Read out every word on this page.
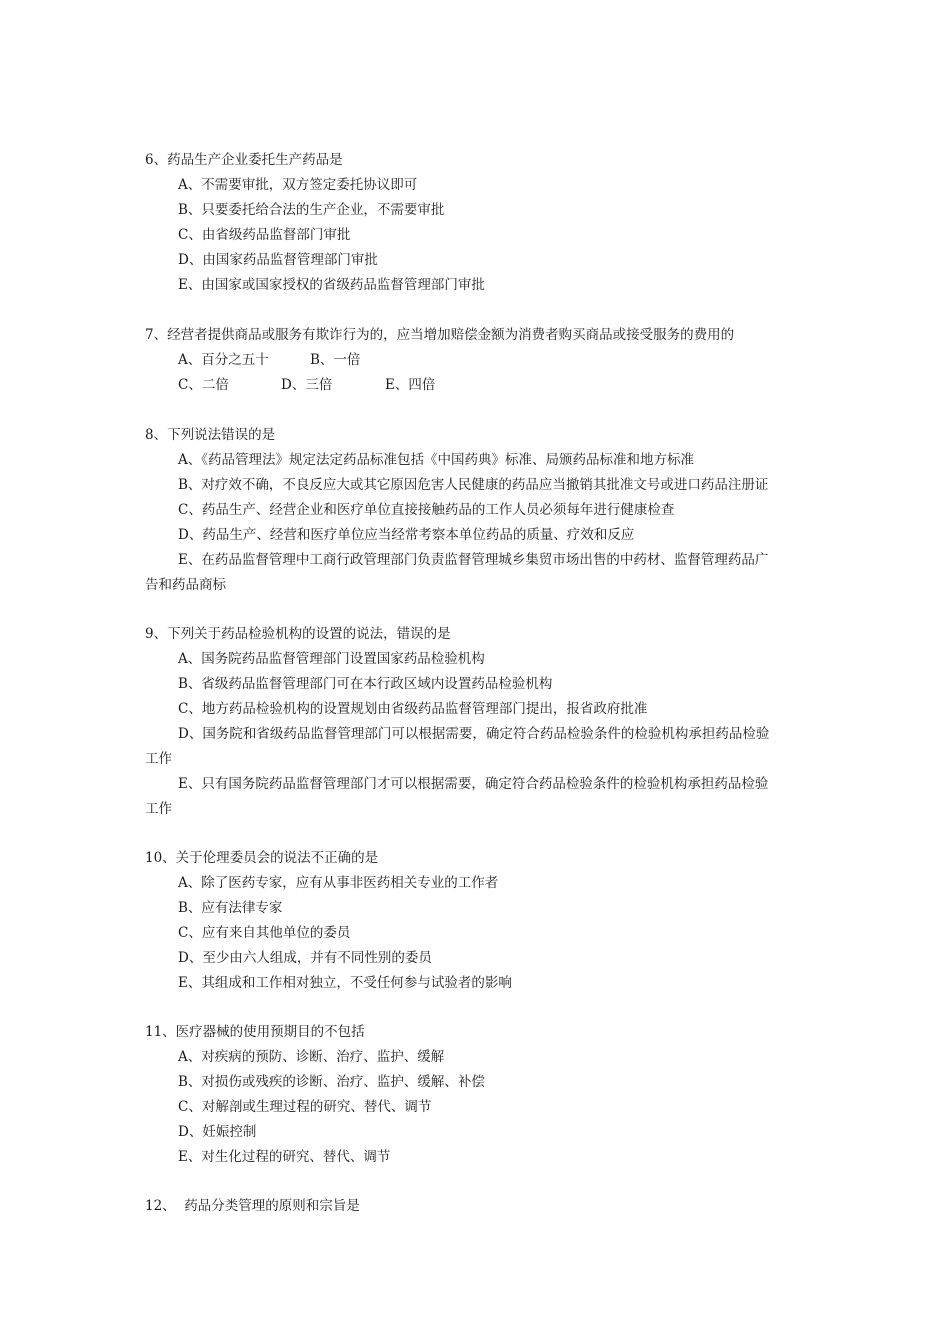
6、药品生产企业委托生产药品是
A、不需要审批，双方签定委托协议即可
B、只要委托给合法的生产企业，不需要审批
C、由省级药品监督部门审批
D、由国家药品监督管理部门审批
E、由国家或国家授权的省级药品监督管理部门审批
7、经营者提供商品或服务有欺诈行为的，应当增加赔偿金额为消费者购买商品或接受服务的费用的
A、百分之五十	B、一倍
C、二倍	D、三倍	E、四倍
8、下列说法错误的是
A、《药品管理法》规定法定药品标准包括《中国药典》标准、局颁药品标准和地方标准
B、对疗效不确，不良反应大或其它原因危害人民健康的药品应当撤销其批准文号或进口药品注册证
C、药品生产、经营企业和医疗单位直接接触药品的工作人员必须每年进行健康检查
D、药品生产、经营和医疗单位应当经常考察本单位药品的质量、疗效和反应
E、在药品监督管理中工商行政管理部门负责监督管理城乡集贸市场出售的中药材、监督管理药品广
告和药品商标
9、下列关于药品检验机构的设置的说法，错误的是
A、国务院药品监督管理部门设置国家药品检验机构
B、省级药品监督管理部门可在本行政区域内设置药品检验机构
C、地方药品检验机构的设置规划由省级药品监督管理部门提出，报省政府批准
D、国务院和省级药品监督管理部门可以根据需要，确定符合药品检验条件的检验机构承担药品检验
工作
E、只有国务院药品监督管理部门才可以根据需要，确定符合药品检验条件的检验机构承担药品检验
工作
10、关于伦理委员会的说法不正确的是
A、除了医药专家，应有从事非医药相关专业的工作者
B、应有法律专家
C、应有来自其他单位的委员
D、至少由六人组成，并有不同性别的委员
E、其组成和工作相对独立，不受任何参与试验者的影响
11、医疗器械的使用预期目的不包括
A、对疾病的预防、诊断、治疗、监护、缓解
B、对损伤或残疾的诊断、治疗、监护、缓解、补偿
C、对解剖或生理过程的研究、替代、调节
D、妊娠控制
E、对生化过程的研究、替代、调节
12、  药品分类管理的原则和宗旨是
